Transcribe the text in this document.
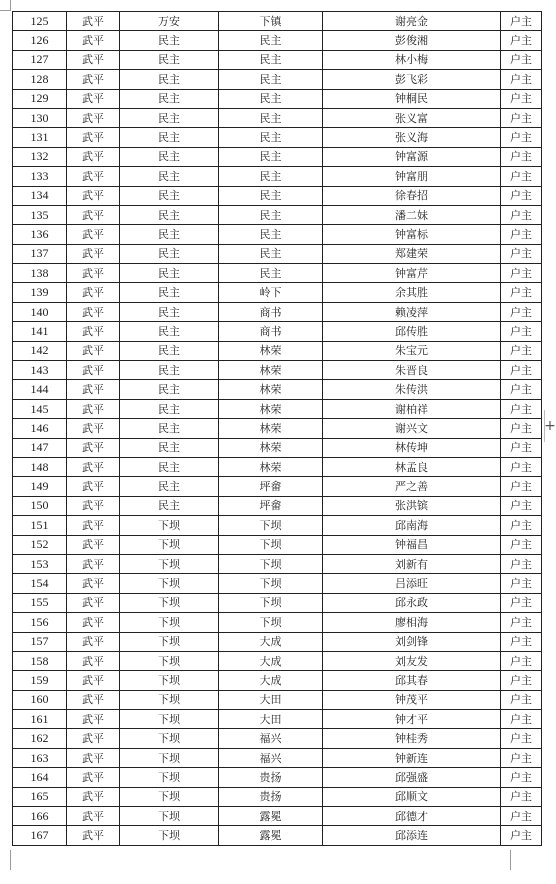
+
125	武平	万安	下镇	谢亮金	户主
126	武平	民主	民主	彭俊湘	户主
127	武平	民主	民主	林小梅	户主
128	武平	民主	民主	彭飞彩	户主
129	武平	民主	民主	钟桐民	户主
130	武平	民主	民主	张义富	户主
131	武平	民主	民主	张义海	户主
132	武平	民主	民主	钟富源	户主
133	武平	民主	民主	钟富朋	户主
134	武平	民主	民主	徐春招	户主
135	武平	民主	民主	潘二妹	户主
136	武平	民主	民主	钟富标	户主
137	武平	民主	民主	郑建荣	户主
138	武平	民主	民主	钟富芹	户主
139	武平	民主	岭下	余其胜	户主
140	武平	民主	商书	赖凌萍	户主
141	武平	民主	商书	邱传胜	户主
142	武平	民主	林荣	朱宝元	户主
143	武平	民主	林荣	朱晋良	户主
144	武平	民主	林荣	朱传洪	户主
145	武平	民主	林荣	谢柏祥	户主
146	武平	民主	林荣	谢兴文	户主
147	武平	民主	林荣	林传坤	户主
148	武平	民主	林荣	林孟良	户主
149	武平	民主	坪畲	严之善	户主
150	武平	民主	坪畲	张洪镔	户主
151	武平	下坝	下坝	邱南海	户主
152	武平	下坝	下坝	钟福昌	户主
153	武平	下坝	下坝	刘新有	户主
154	武平	下坝	下坝	吕添旺	户主
155	武平	下坝	下坝	邱永政	户主
156	武平	下坝	下坝	廖相海	户主
157	武平	下坝	大成	刘剑锋	户主
158	武平	下坝	大成	刘友发	户主
159	武平	下坝	大成	邱其春	户主
160	武平	下坝	大田	钟茂平	户主
161	武平	下坝	大田	钟才平	户主
162	武平	下坝	福兴	钟桂秀	户主
163	武平	下坝	福兴	钟新连	户主
164	武平	下坝	贵扬	邱强盛	户主
165	武平	下坝	贵扬	邱顺文	户主
166	武平	下坝	露冕	邱德才	户主
167	武平	下坝	露冕	邱添连	户主
